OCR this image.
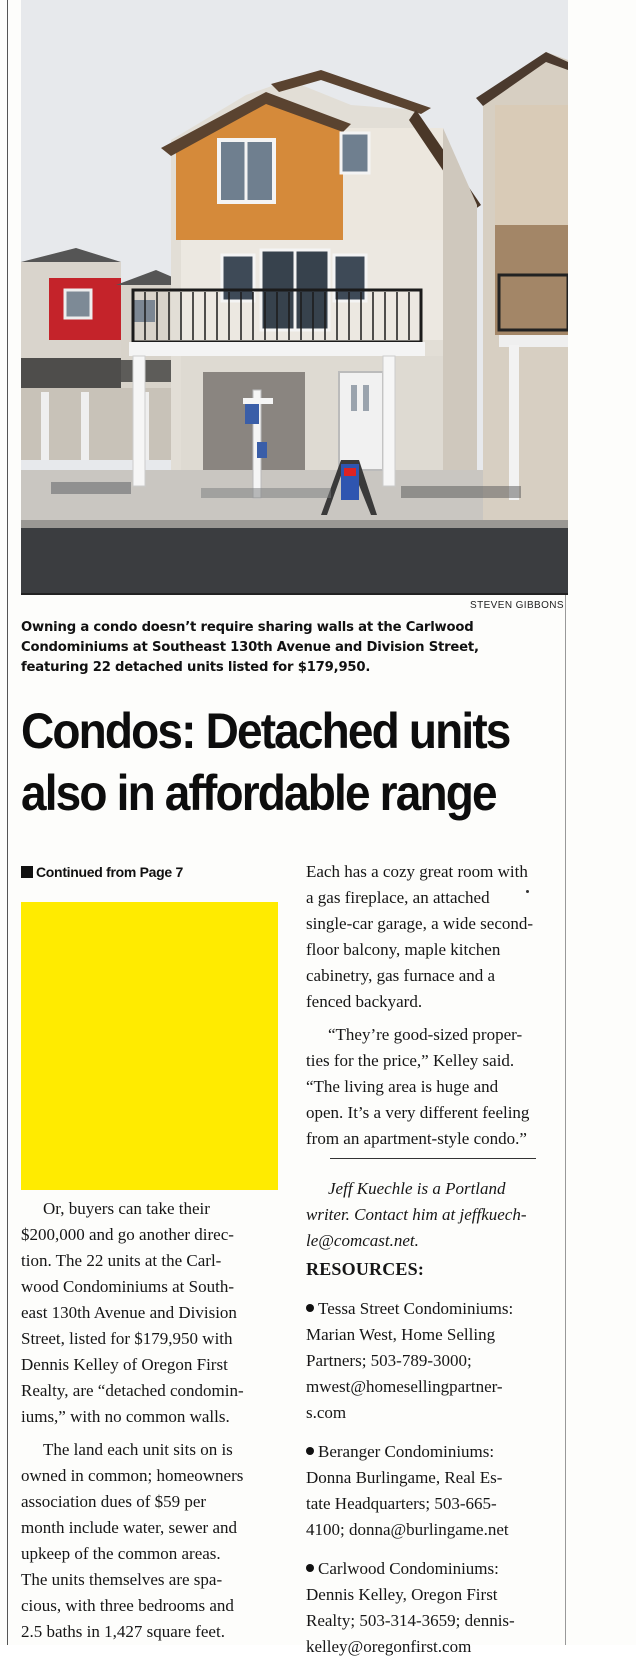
STEVEN GIBBONS
Owning a condo doesn’t require sharing walls at the Carlwood
Condominiums at Southeast 130th Avenue and Division Street,
featuring 22 detached units listed for $179,950.
Condos: Detached units
also in affordable range
Continued from Page 7

Or, buyers can take their
$200,000 and go another direc-
tion. The 22 units at the Carl-
wood Condominiums at South-
east 130th Avenue and Division
Street, listed for $179,950 with
Dennis Kelley of Oregon First
Realty, are “detached condomin-
iums,” with no common walls.

The land each unit sits on is
owned in common; homeowners
association dues of $59 per
month include water, sewer and
upkeep of the common areas.
The units themselves are spa-
cious, with three bedrooms and
2.5 baths in 1,427 square feet.

Each has a cozy great room with
a gas fireplace, an attached
single-car garage, a wide second-
floor balcony, maple kitchen
cabinetry, gas furnace and a
fenced backyard.

“They’re good-sized proper-
ties for the price,” Kelley said.
“The living area is huge and
open. It’s a very different feeling
from an apartment-style condo.”

Jeff Kuechle is a Portland
writer. Contact him at jeffkuech-
le@comcast.net.
RESOURCES:
Tessa Street Condominiums:
Marian West, Home Selling
Partners; 503-789-3000;
mwest@homesellingpartner-
s.com
Beranger Condominiums:
Donna Burlingame, Real Es-
tate Headquarters; 503-665-
4100; donna@burlingame.net
Carlwood Condominiums:
Dennis Kelley, Oregon First
Realty; 503-314-3659; dennis-
kelley@oregonfirst.com
